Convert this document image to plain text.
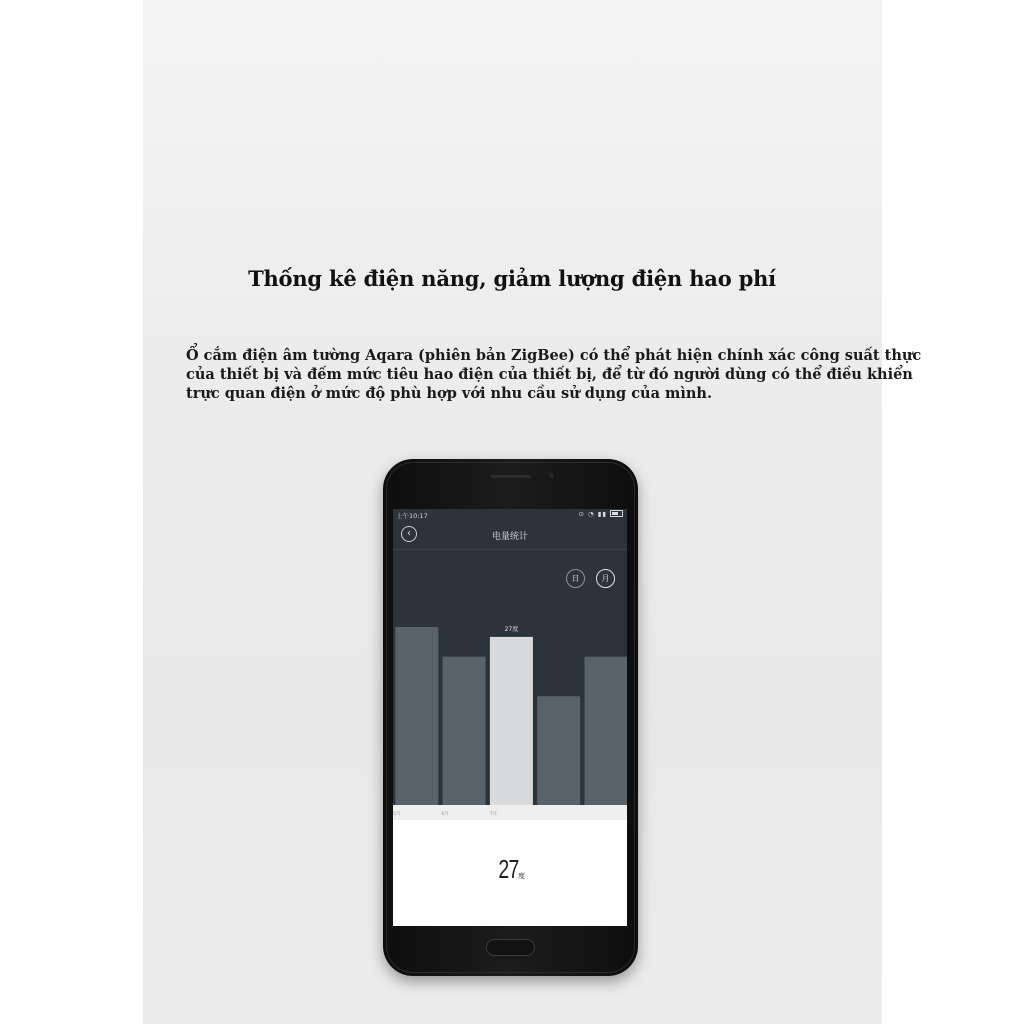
Thống kê điện năng, giảm lượng điện hao phí
Ổ cắm điện âm tường Aqara (phiên bản ZigBee) có thể phát hiện chính xác công suất thực
của thiết bị và đếm mức tiêu hao điện của thiết bị, để từ đó người dùng có thể điều khiển
trực quan điện ở mức độ phù hợp với nhu cầu sử dụng của mình.
上午10:17	⊙ ◔ ▮▮
‹	电量统计
日	月
27度
5月	6月	7月
27度
